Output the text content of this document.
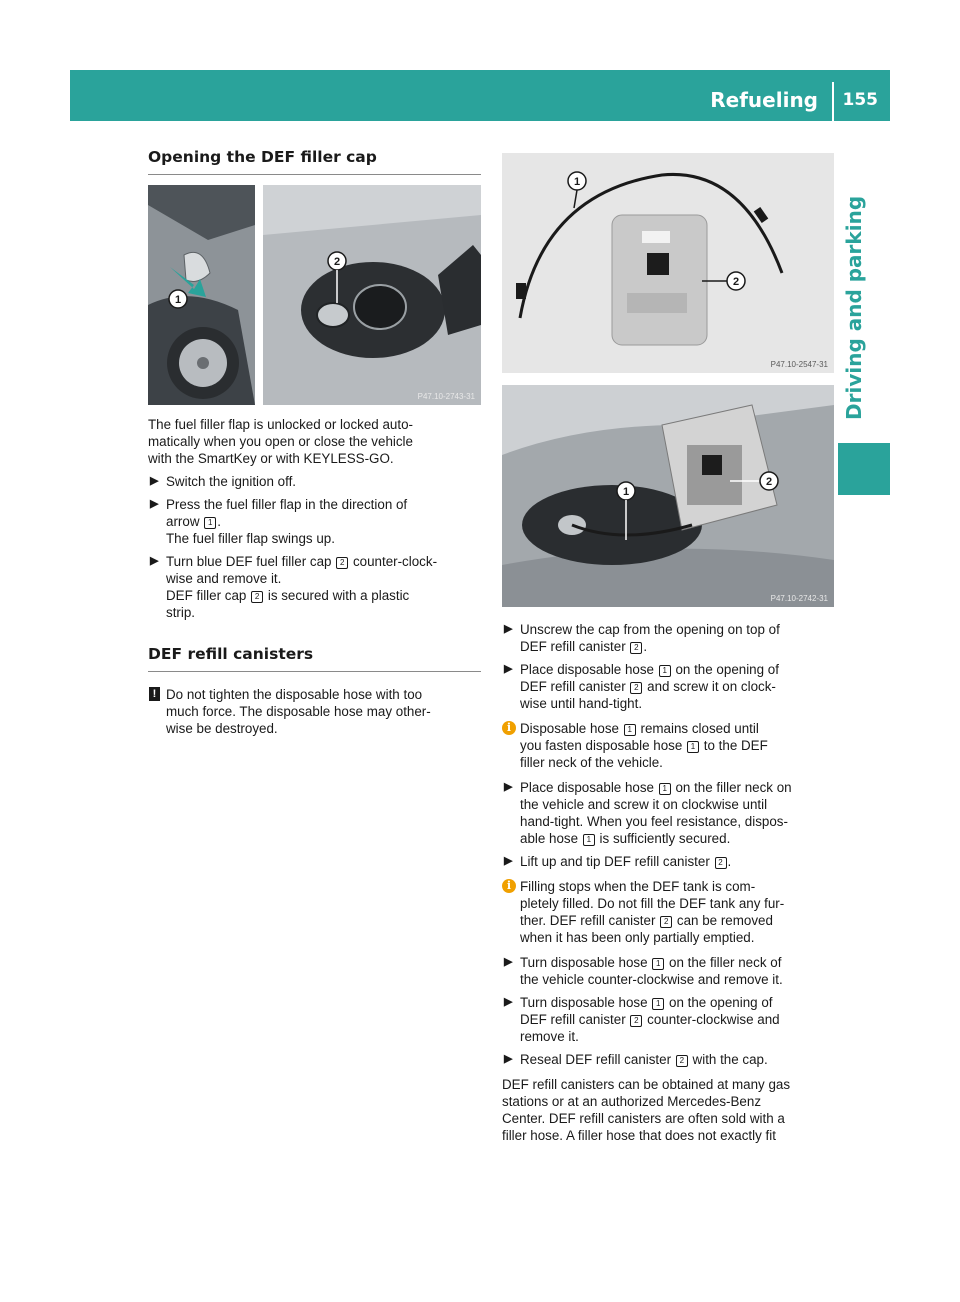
Refueling 155
Driving and parking
Opening the DEF filler cap
1
2
P47.10-2743-31

The fuel filler flap is unlocked or locked auto-
matically when you open or close the vehicle
with the SmartKey or with KEYLESS-GO.

▶ Switch the ignition off.
▶ Press the fuel filler flap in the direction of
arrow 1 .
The fuel filler flap swings up.
▶ Turn blue DEF fuel filler cap 2 counter-clock-
wise and remove it.
DEF filler cap 2 is secured with a plastic
strip.
DEF refill canisters
! Do not tighten the disposable hose with too
much force. The disposable hose may other-
wise be destroyed.
1
2
P47.10-2547-31
1
2
P47.10-2742-31
▶ Unscrew the cap from the opening on top of
DEF refill canister 2 .
▶ Place disposable hose 1 on the opening of
DEF refill canister 2 and screw it on clock-
wise until hand-tight.
i Disposable hose 1 remains closed until
you fasten disposable hose 1 to the DEF
filler neck of the vehicle.
▶ Place disposable hose 1 on the filler neck on
the vehicle and screw it on clockwise until
hand-tight. When you feel resistance, dispos-
able hose 1 is sufficiently secured.
▶ Lift up and tip DEF refill canister 2 .
i Filling stops when the DEF tank is com-
pletely filled. Do not fill the DEF tank any fur-
ther. DEF refill canister 2 can be removed
when it has been only partially emptied.
▶ Turn disposable hose 1 on the filler neck of
the vehicle counter-clockwise and remove it.
▶ Turn disposable hose 1 on the opening of
DEF refill canister 2 counter-clockwise and
remove it.
▶ Reseal DEF refill canister 2 with the cap.

DEF refill canisters can be obtained at many gas
stations or at an authorized Mercedes-Benz
Center. DEF refill canisters are often sold with a
filler hose. A filler hose that does not exactly fit
